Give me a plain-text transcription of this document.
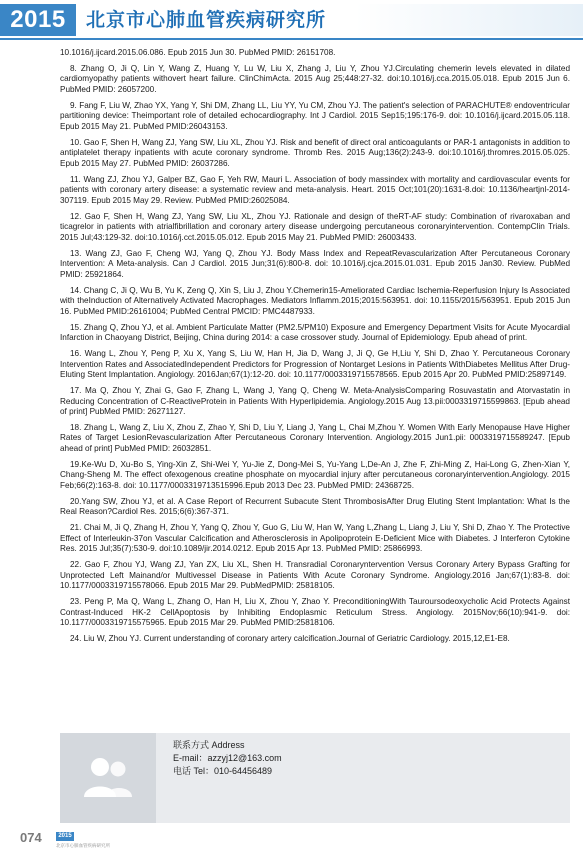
2015	北京市心肺血管疾病研究所

10.1016/j.ijcard.2015.06.086. Epub 2015 Jun 30. PubMed PMID: 26151708.

8. Zhang O, Ji Q, Lin Y, Wang Z, Huang Y, Lu W, Liu X, Zhang J, Liu Y, Zhou YJ.Circulating chemerin levels elevated in dilated cardiomyopathy patients withovert heart failure. ClinChimActa. 2015 Aug 25;448:27-32. doi:10.1016/j.cca.2015.05.018. Epub 2015 Jun 6. PubMed PMID: 26057200.

9. Fang F, Liu W, Zhao YX, Yang Y, Shi DM, Zhang LL, Liu YY, Yu CM, Zhou YJ. The patient's selection of PARACHUTE® endoventricular partitioning device: Theimportant role of detailed echocardiography. Int J Cardiol. 2015 Sep15;195:176-9. doi: 10.1016/j.ijcard.2015.05.118. Epub 2015 May 21. PubMed PMID:26043153.

10. Gao F, Shen H, Wang ZJ, Yang SW, Liu XL, Zhou YJ. Risk and benefit of direct oral anticoagulants or PAR-1 antagonists in addition to antiplatelet therapy inpatients with acute coronary syndrome. Thromb Res. 2015 Aug;136(2):243-9. doi:10.1016/j.thromres.2015.05.025. Epub 2015 May 27. PubMed PMID: 26037286.

11. Wang ZJ, Zhou YJ, Galper BZ, Gao F, Yeh RW, Mauri L. Association of body massindex with mortality and cardiovascular events for patients with coronary artery disease: a systematic review and meta-analysis. Heart. 2015 Oct;101(20):1631-8.doi: 10.1136/heartjnl-2014-307119. Epub 2015 May 29. Review. PubMed PMID:26025084.

12. Gao F, Shen H, Wang ZJ, Yang SW, Liu XL, Zhou YJ. Rationale and design of theRT-AF study: Combination of rivaroxaban and ticagrelor in patients with atrialfibrillation and coronary artery disease undergoing percutaneous coronaryintervention. ContempClin Trials. 2015 Jul;43:129-32. doi:10.1016/j.cct.2015.05.012. Epub 2015 May 21. PubMed PMID: 26003433.

13. Wang ZJ, Gao F, Cheng WJ, Yang Q, Zhou YJ. Body Mass Index and RepeatRevascularization After Percutaneous Coronary Intervention: A Meta-analysis. Can J Cardiol. 2015 Jun;31(6):800-8. doi: 10.1016/j.cjca.2015.01.031. Epub 2015 Jan30. Review. PubMed PMID: 25921864.

14. Chang C, Ji Q, Wu B, Yu K, Zeng Q, Xin S, Liu J, Zhou Y.Chemerin15-Ameliorated Cardiac Ischemia-Reperfusion Injury Is Associated with theInduction of Alternatively Activated Macrophages. Mediators Inflamm.2015;2015:563951. doi: 10.1155/2015/563951. Epub 2015 Jun 16. PubMed PMID:26161004; PubMed Central PMCID: PMC4487933.

15. Zhang Q, Zhou YJ, et al. Ambient Particulate Matter (PM2.5/PM10) Exposure and Emergency Department Visits for Acute Myocardial Infarction in Chaoyang District, Beijing, China during 2014: a case crossover study. Journal of Epidemiology. Epub ahead of print.

16. Wang L, Zhou Y, Peng P, Xu X, Yang S, Liu W, Han H, Jia D, Wang J, Ji Q, Ge H,Liu Y, Shi D, Zhao Y. Percutaneous Coronary Intervention Rates and AssociatedIndependent Predictors for Progression of Nontarget Lesions in Patients WithDiabetes Mellitus After Drug-Eluting Stent Implantation. Angiology. 2016Jan;67(1):12-20. doi: 10.1177/0003319715578565. Epub 2015 Apr 20. PubMed PMID:25897149.

17. Ma Q, Zhou Y, Zhai G, Gao F, Zhang L, Wang J, Yang Q, Cheng W. Meta-AnalysisComparing Rosuvastatin and Atorvastatin in Reducing Concentration of C-ReactiveProtein in Patients With Hyperlipidemia. Angiology.2015 Aug 13.pii:0003319715599863. [Epub ahead of print] PubMed PMID: 26271127.

18. Zhang L, Wang Z, Liu X, Zhou Z, Zhao Y, Shi D, Liu Y, Liang J, Yang L, Chai M,Zhou Y. Women With Early Menopause Have Higher Rates of Target LesionRevascularization After Percutaneous Coronary Intervention. Angiology.2015 Jun1.pii: 0003319715589247. [Epub ahead of print] PubMed PMID: 26032851.

19.Ke-Wu D, Xu-Bo S, Ying-Xin Z, Shi-Wei Y, Yu-Jie Z, Dong-Mei S, Yu-Yang L,De-An J, Zhe F, Zhi-Ming Z, Hai-Long G, Zhen-Xian Y, Chang-Sheng M. The effect ofexogenous creatine phosphate on myocardial injury after percutaneous coronaryintervention.Angiology. 2015 Feb;66(2):163-8. doi: 10.1177/0003319713515996.Epub 2013 Dec 23. PubMed PMID: 24368725.

20.Yang SW, Zhou YJ, et al. A Case Report of Recurrent Subacute Stent ThrombosisAfter Drug Eluting Stent Implantation: What Is the Real Reason?Cardiol Res. 2015;6(6):367-371.

21. Chai M, Ji Q, Zhang H, Zhou Y, Yang Q, Zhou Y, Guo G, Liu W, Han W, Yang L,Zhang L, Liang J, Liu Y, Shi D, Zhao Y. The Protective Effect of Interleukin-37on Vascular Calcification and Atherosclerosis in Apolipoprotein E-Deficient Mice with Diabetes. J Interferon Cytokine Res. 2015 Jul;35(7):530-9. doi:10.1089/jir.2014.0212. Epub 2015 Apr 13. PubMed PMID: 25866993.

22. Gao F, Zhou YJ, Wang ZJ, Yan ZX, Liu XL, Shen H. Transradial Coronaryntervention Versus Coronary Artery Bypass Grafting for Unprotected Left Mainand/or Multivessel Disease in Patients With Acute Coronary Syndrome. Angiology.2016 Jan;67(1):83-8. doi: 10.1177/0003319715578066. Epub 2015 Mar 29. PubMedPMID: 25818105.

23. Peng P, Ma Q, Wang L, Zhang O, Han H, Liu X, Zhou Y, Zhao Y. PreconditioningWith Tauroursodeoxycholic Acid Protects Against Contrast-Induced HK-2 CellApoptosis by Inhibiting Endoplasmic Reticulum Stress. Angiology. 2015Nov;66(10):941-9. doi: 10.1177/0003319715575965. Epub 2015 Mar 29. PubMed PMID:25818106.

24. Liu W, Zhou YJ. Current understanding of coronary artery calcification.Journal of Geriatric Cardiology. 2015,12,E1-E8.

联系方式 Address
E-mail：azzyj12@163.com
电话 Tel：010-64456489
074	2015
北京市心肺血管疾病研究所
